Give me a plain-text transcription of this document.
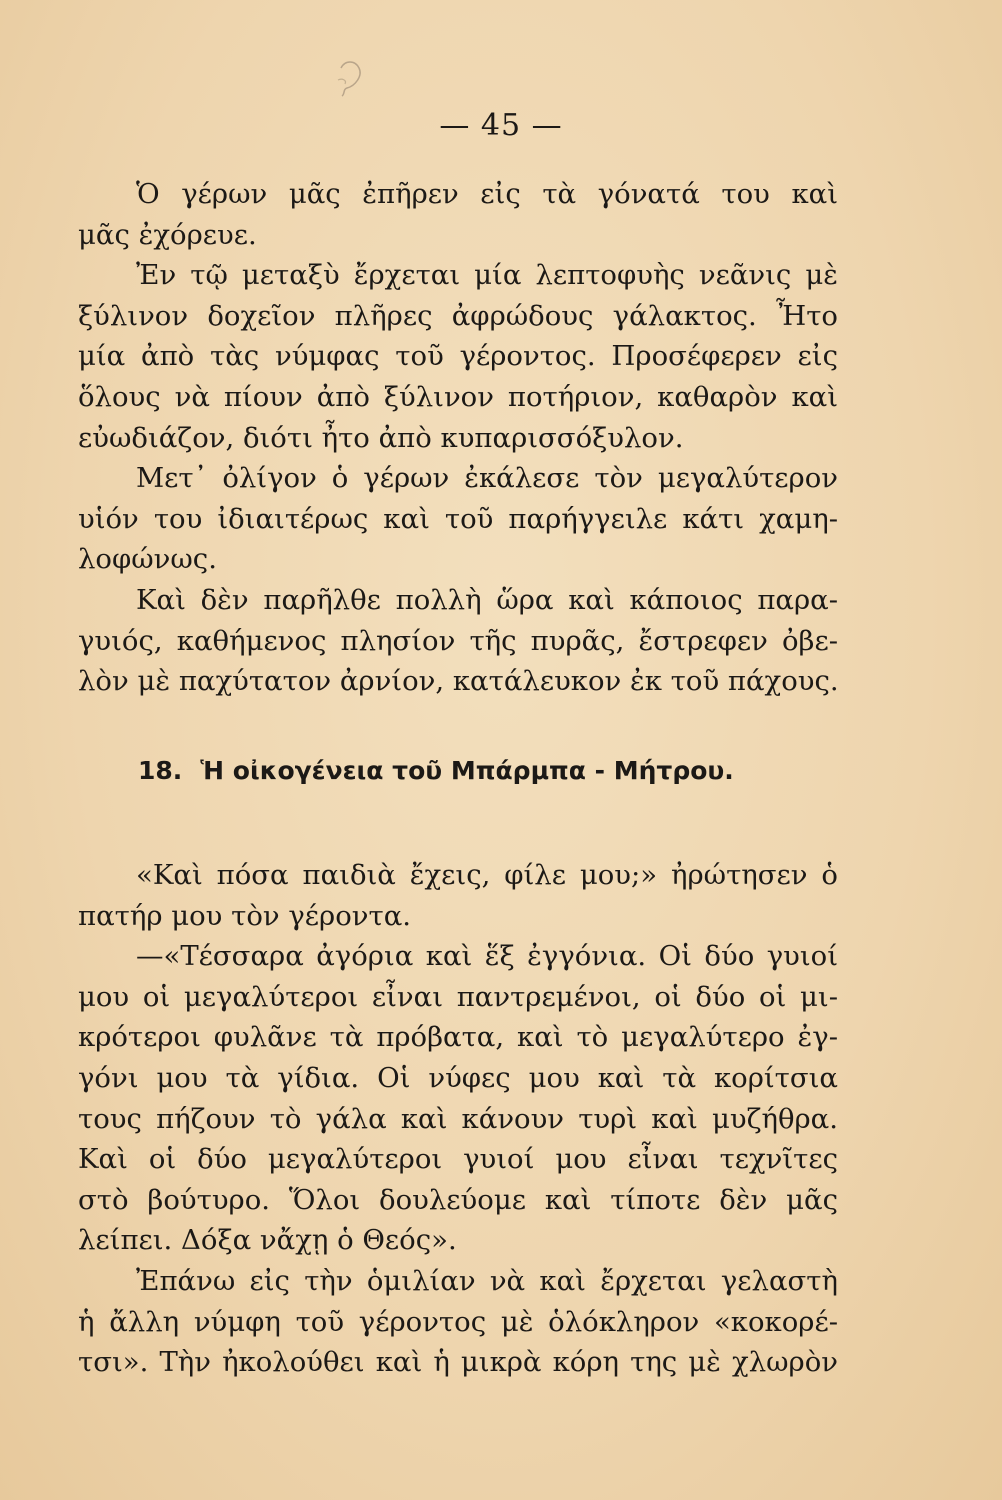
— 45 —
Ὁ γέρων μᾶς ἐπῆρεν εἰς τὰ γόνατά του καὶ
μᾶς ἐχόρευε.
Ἐν τῷ μεταξὺ ἔρχεται μία λεπτοφυὴς νεᾶνις μὲ
ξύλινον δοχεῖον πλῆρες ἀφρώδους γάλακτος. Ἦτο
μία ἀπὸ τὰς νύμφας τοῦ γέροντος. Προσέφερεν εἰς
ὅλους νὰ πίουν ἀπὸ ξύλινον ποτήριον, καθαρὸν καὶ
εὐωδιάζον, διότι ἦτο ἀπὸ κυπαρισσόξυλον.
Μετ᾽ ὀλίγον ὁ γέρων ἐκάλεσε τὸν μεγαλύτερον
υἱόν του ἰδιαιτέρως καὶ τοῦ παρήγγειλε κάτι χαμη-
λοφώνως.
Καὶ δὲν παρῆλθε πολλὴ ὥρα καὶ κάποιος παρα-
γυιός, καθήμενος πλησίον τῆς πυρᾶς, ἔστρεφεν ὀβε-
λὸν μὲ παχύτατον ἀρνίον, κατάλευκον ἐκ τοῦ πάχους.
18. Ἡ οἰκογένεια τοῦ Μπάρμπα - Μήτρου.
«Καὶ πόσα παιδιὰ ἔχεις, φίλε μου;» ἠρώτησεν ὁ
πατήρ μου τὸν γέροντα.
—«Τέσσαρα ἀγόρια καὶ ἕξ ἐγγόνια. Οἱ δύο γυιοί
μου οἱ μεγαλύτεροι εἶναι παντρεμένοι, οἱ δύο οἱ μι-
κρότεροι φυλᾶνε τὰ πρόβατα, καὶ τὸ μεγαλύτερο ἐγ-
γόνι μου τὰ γίδια. Οἱ νύφες μου καὶ τὰ κορίτσια
τους πήζουν τὸ γάλα καὶ κάνουν τυρὶ καὶ μυζήθρα.
Καὶ οἱ δύο μεγαλύτεροι γυιοί μου εἶναι τεχνῖτες
στὸ βούτυρο. Ὅλοι δουλεύομε καὶ τίποτε δὲν μᾶς
λείπει. Δόξα νἄχῃ ὁ Θεός».
Ἐπάνω εἰς τὴν ὁμιλίαν νὰ καὶ ἔρχεται γελαστὴ
ἡ ἄλλη νύμφη τοῦ γέροντος μὲ ὁλόκληρον «κοκορέ-
τσι». Τὴν ἠκολούθει καὶ ἡ μικρὰ κόρη της μὲ χλωρὸν
